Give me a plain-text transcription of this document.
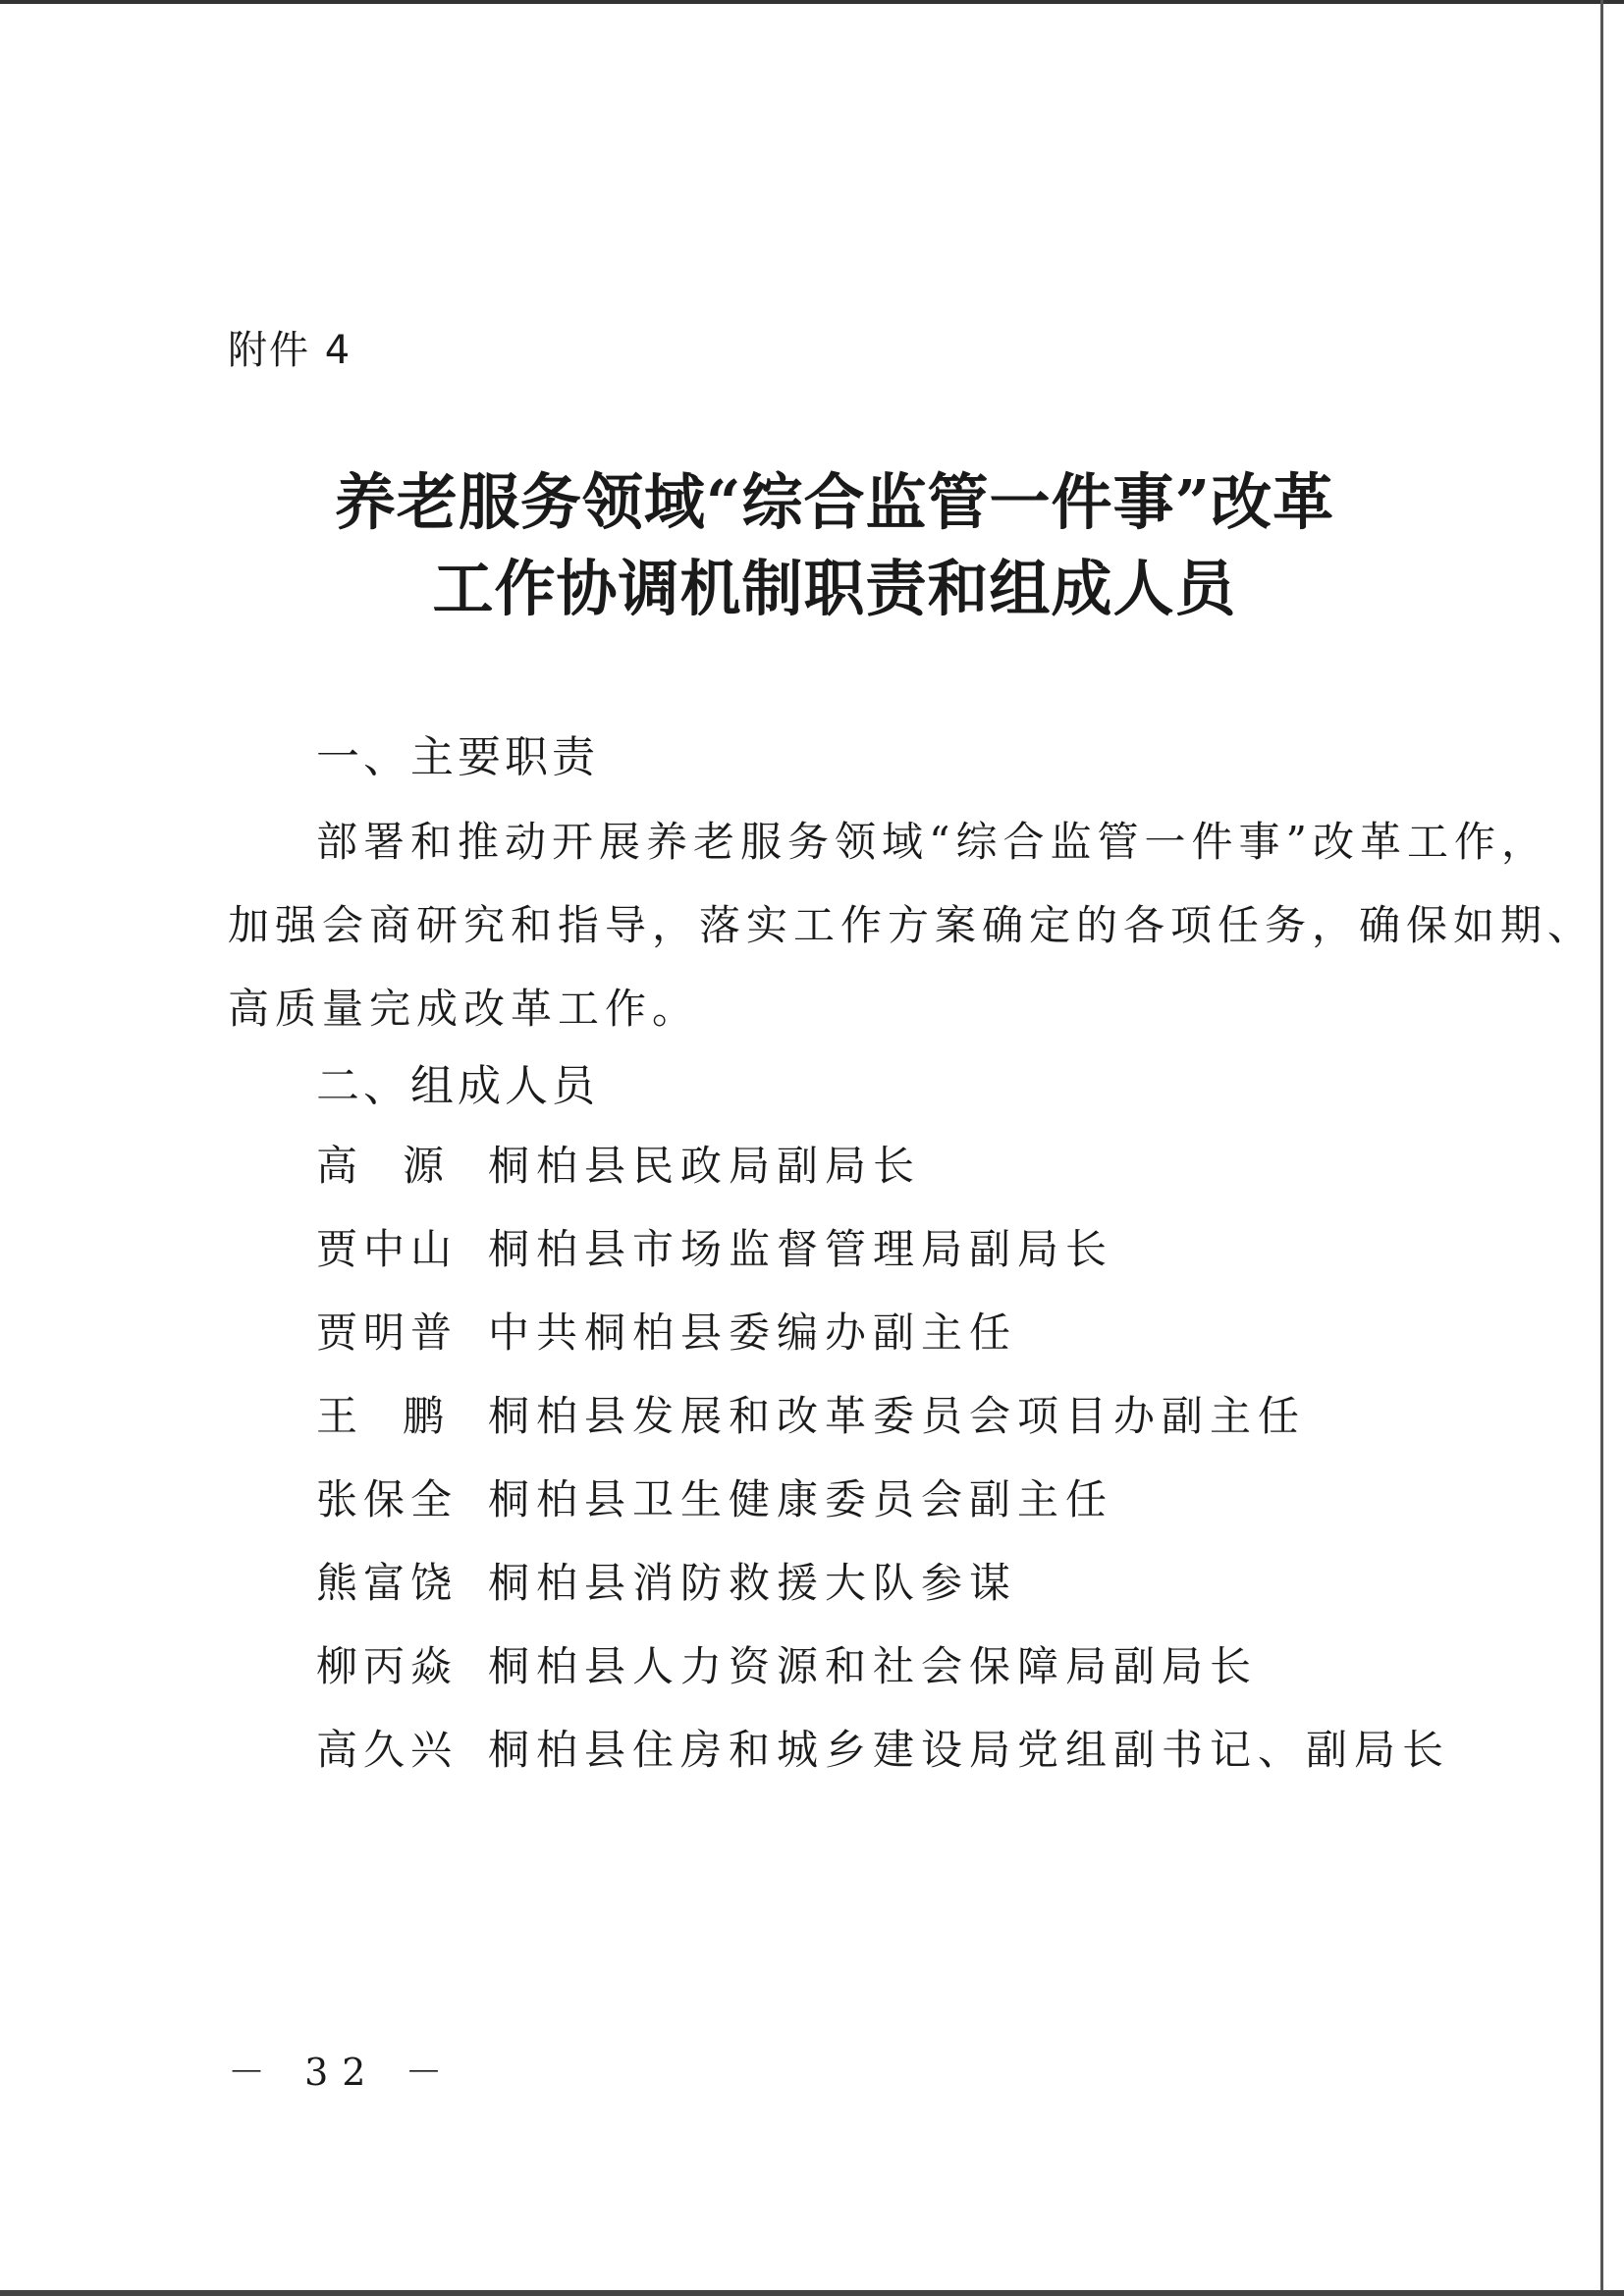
附件 4
养老服务领域“综合监管一件事”改革
工作协调机制职责和组成人员
一、主要职责
部署和推动开展养老服务领域“综合监管一件事”改革工作，
加强会商研究和指导，落实工作方案确定的各项任务，确保如期、
高质量完成改革工作。
二、组成人员
高源
桐柏县民政局副局长
贾中山 桐柏县市场监督管理局副局长
贾明普 中共桐柏县委编办副主任
王鹏
桐柏县发展和改革委员会项目办副主任
张保全 桐柏县卫生健康委员会副主任
熊富饶 桐柏县消防救援大队参谋
柳丙焱 桐柏县人力资源和社会保障局副局长
高久兴 桐柏县住房和城乡建设局党组副书记、副局长
－ 32 －
